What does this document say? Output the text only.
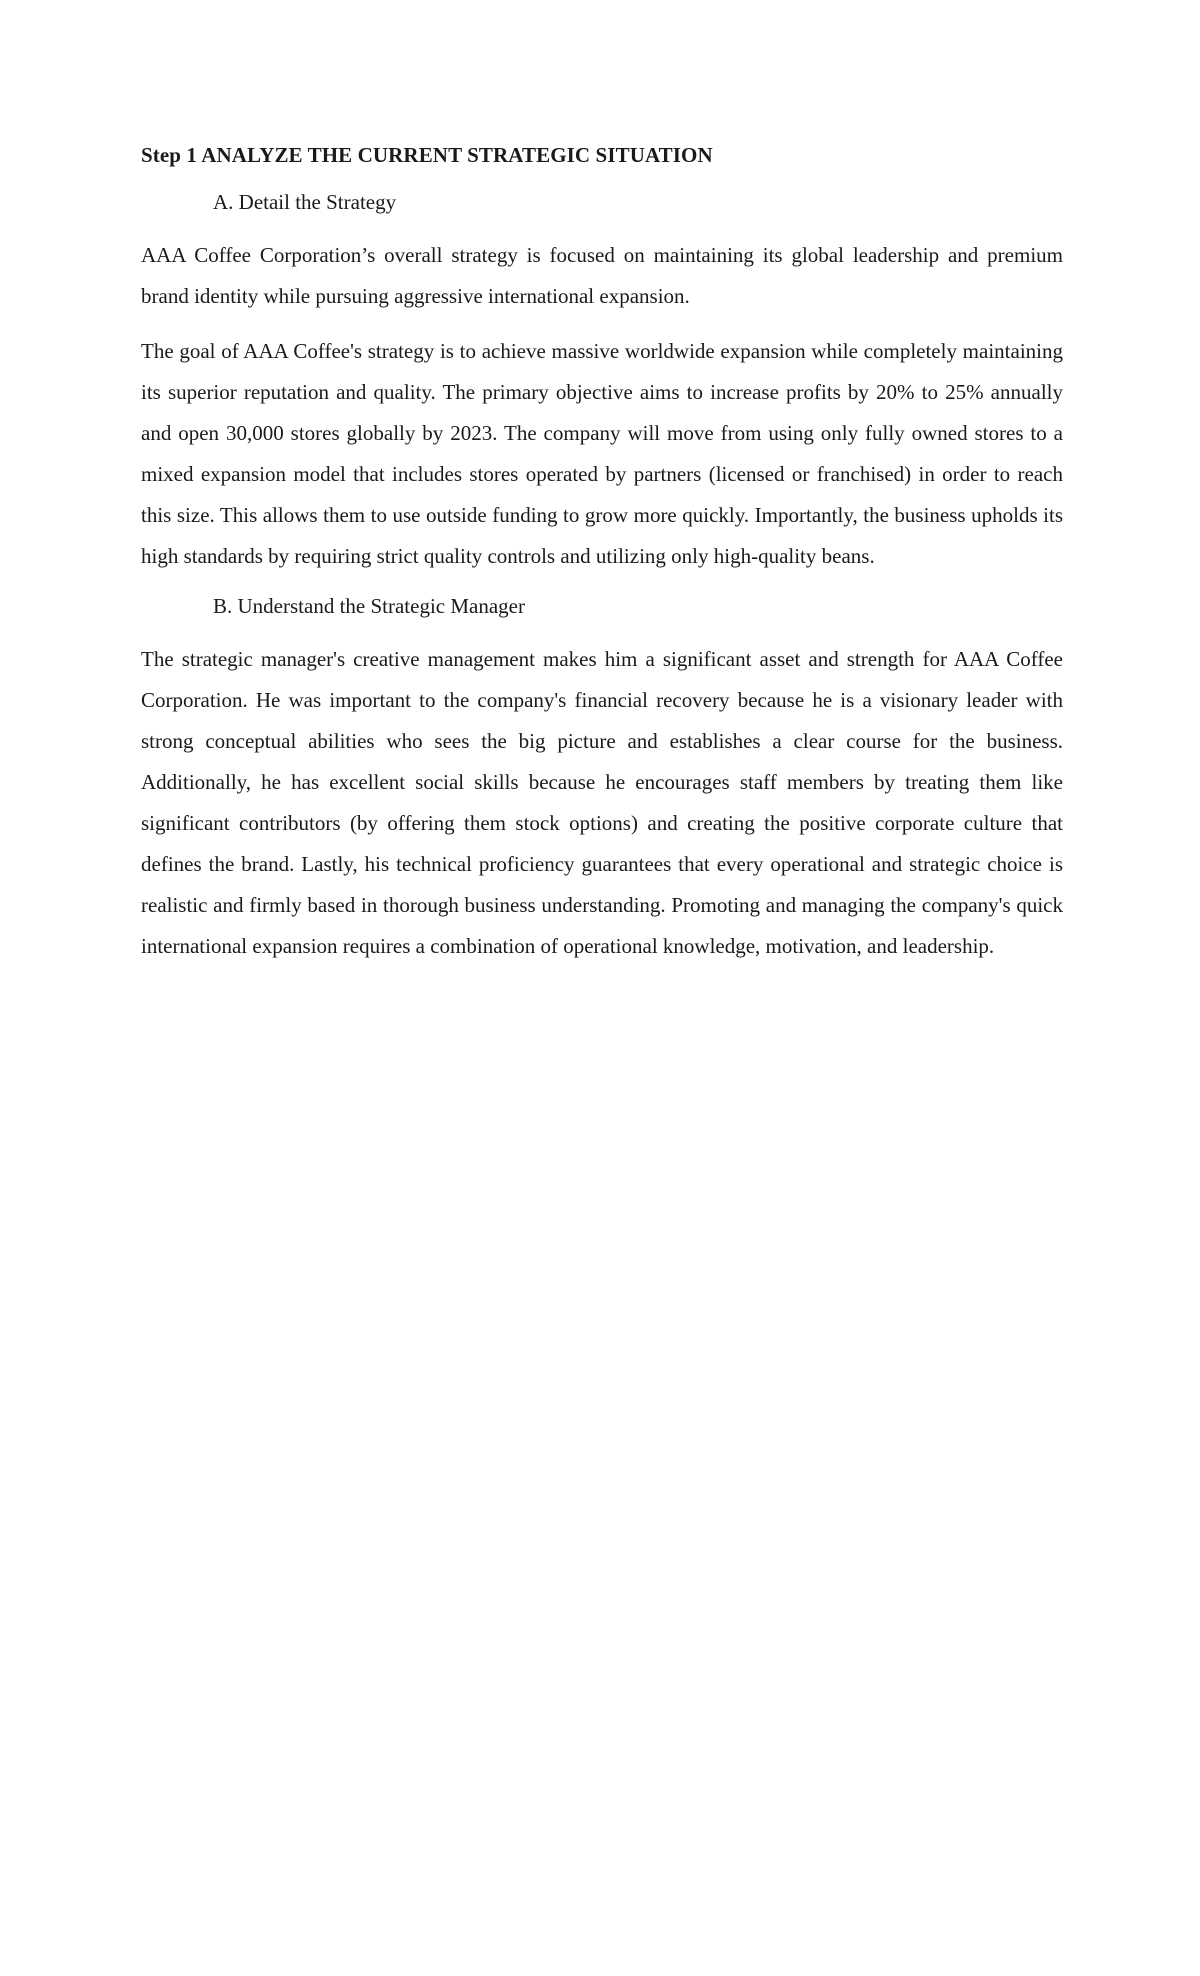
Step 1 ANALYZE THE CURRENT STRATEGIC SITUATION

A. Detail the Strategy

AAA Coffee Corporation’s overall strategy is focused on maintaining its global leadership and premium brand identity while pursuing aggressive international expansion.

The goal of AAA Coffee's strategy is to achieve massive worldwide expansion while completely maintaining its superior reputation and quality. The primary objective aims to increase profits by 20% to 25% annually and open 30,000 stores globally by 2023. The company will move from using only fully owned stores to a mixed expansion model that includes stores operated by partners (licensed or franchised) in order to reach this size. This allows them to use outside funding to grow more quickly. Importantly, the business upholds its high standards by requiring strict quality controls and utilizing only high-quality beans.

B. Understand the Strategic Manager

The strategic manager's creative management makes him a significant asset and strength for AAA Coffee Corporation. He was important to the company's financial recovery because he is a visionary leader with strong conceptual abilities who sees the big picture and establishes a clear course for the business. Additionally, he has excellent social skills because he encourages staff members by treating them like significant contributors (by offering them stock options) and creating the positive corporate culture that defines the brand. Lastly, his technical proficiency guarantees that every operational and strategic choice is realistic and firmly based in thorough business understanding. Promoting and managing the company's quick international expansion requires a combination of operational knowledge, motivation, and leadership.
